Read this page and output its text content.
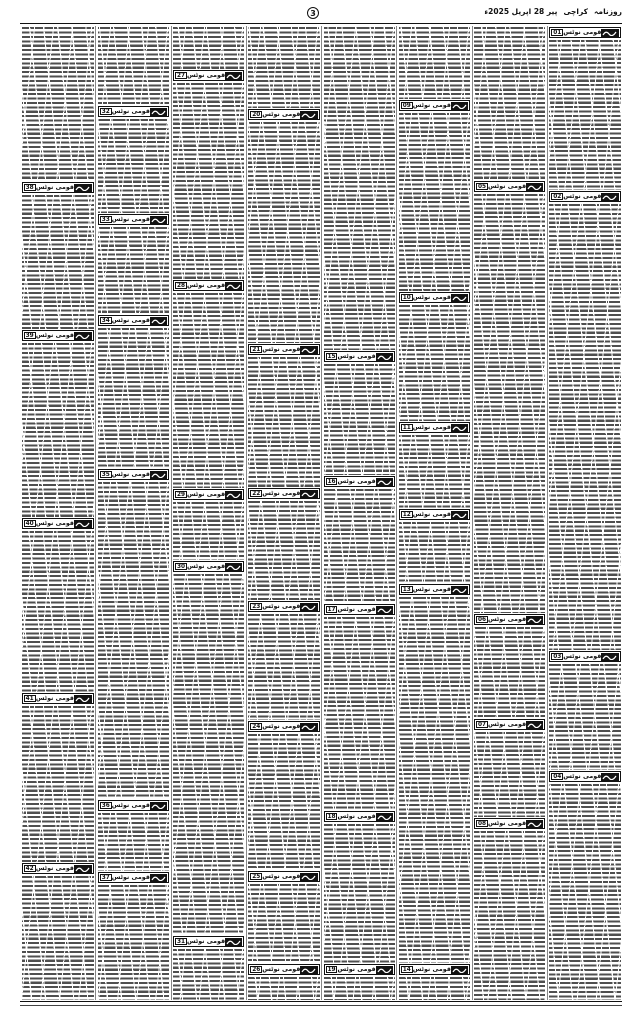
روزنامہ
کراچی
پیر 28 اپریل 2025ء
3
قومی نوٹس
01
قومی نوٹس
02
قومی نوٹس
03
قومی نوٹس
04
قومی نوٹس
05
قومی نوٹس
06
قومی نوٹس
07
قومی نوٹس
08
قومی نوٹس
09
قومی نوٹس
10
قومی نوٹس
11
قومی نوٹس
12
قومی نوٹس
13
قومی نوٹس
14
قومی نوٹس
15
قومی نوٹس
16
قومی نوٹس
17
قومی نوٹس
18
قومی نوٹس
19
قومی نوٹس
20
قومی نوٹس
21
قومی نوٹس
22
قومی نوٹس
23
قومی نوٹس
24
قومی نوٹس
25
قومی نوٹس
26
قومی نوٹس
27
قومی نوٹس
28
قومی نوٹس
29
قومی نوٹس
30
قومی نوٹس
31
قومی نوٹس
32
قومی نوٹس
33
قومی نوٹس
34
قومی نوٹس
35
قومی نوٹس
36
قومی نوٹس
37
قومی نوٹس
38
قومی نوٹس
39
قومی نوٹس
40
قومی نوٹس
41
قومی نوٹس
42
